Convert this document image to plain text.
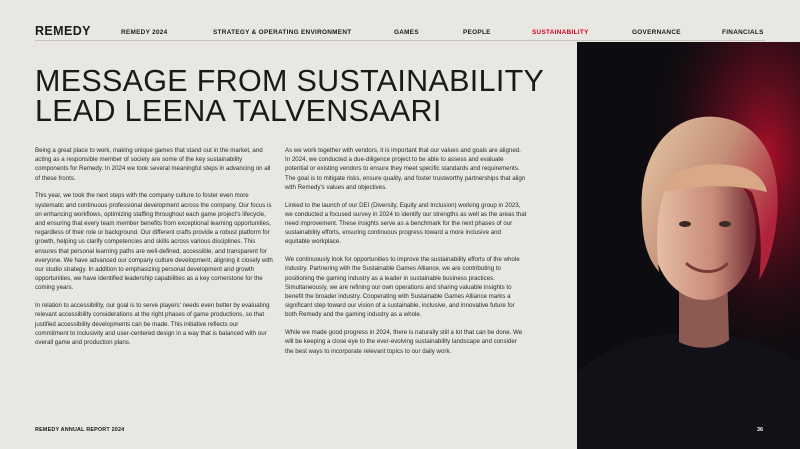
REMEDY	REMEDY 2024	STRATEGY & OPERATING ENVIRONMENT	GAMES	PEOPLE	SUSTAINABILITY	GOVERNANCE	FINANCIALS
MESSAGE FROM SUSTAINABILITY
LEAD LEENA TALVENSAARI

Being a great place to work, making unique games that stand out in the market, and acting as a responsible member of society are some of the key sustainability components for Remedy. In 2024 we took several meaningful steps in advancing on all of these fronts.

This year, we took the next steps with the company culture to foster even more systematic and continuous professional development across the company. Our focus is on enhancing workflows, optimizing staffing throughout each game project's lifecycle, and ensuring that every team member benefits from exceptional learning opportunities, regardless of their role or background. Our different crafts provide a robust platform for growth, helping us clarify competencies and skills across various disciplines. This ensures that personal learning paths are well-defined, accessible, and transparent for everyone. We have advanced our company culture development, aligning it closely with our studio strategy. In addition to emphasizing personal development and growth opportunities, we have identified leadership capabilities as a key cornerstone for the coming years.

In relation to accessibility, our goal is to serve players' needs even better by evaluating relevant accessibility considerations at the right phases of game productions, so that justified accessibility developments can be made. This initiative reflects our commitment to inclusivity and user-centered design in a way that is balanced with our overall game and production plans.

As we work together with vendors, it is important that our values and goals are aligned. In 2024, we conducted a due-diligence project to be able to assess and evaluate potential or existing vendors to ensure they meet specific standards and requirements. The goal is to mitigate risks, ensure quality, and foster trustworthy partnerships that align with Remedy's values and objectives.

Linked to the launch of our DEI (Diversity, Equity and Inclusion) working group in 2023, we conducted a focused survey in 2024 to identify our strengths as well as the areas that need improvement. These insights serve as a benchmark for the next phases of our sustainability efforts, ensuring continuous progress toward a more inclusive and equitable workplace.

We continuously look for opportunities to improve the sustainability efforts of the whole industry. Partnering with the Sustainable Games Alliance, we are contributing to positioning the gaming industry as a leader in sustainable business practices. Simultaneously, we are refining our own operations and sharing valuable insights to benefit the broader industry. Cooperating with Sustainable Games Alliance marks a significant step toward our vision of a sustainable, inclusive, and innovative future for both Remedy and the gaming industry as a whole.

While we made good progress in 2024, there is naturally still a lot that can be done. We will be keeping a close eye to the ever-evolving sustainability landscape and consider the best ways to incorporate relevant topics to our daily work.

REMEDY ANNUAL REPORT 2024	36
